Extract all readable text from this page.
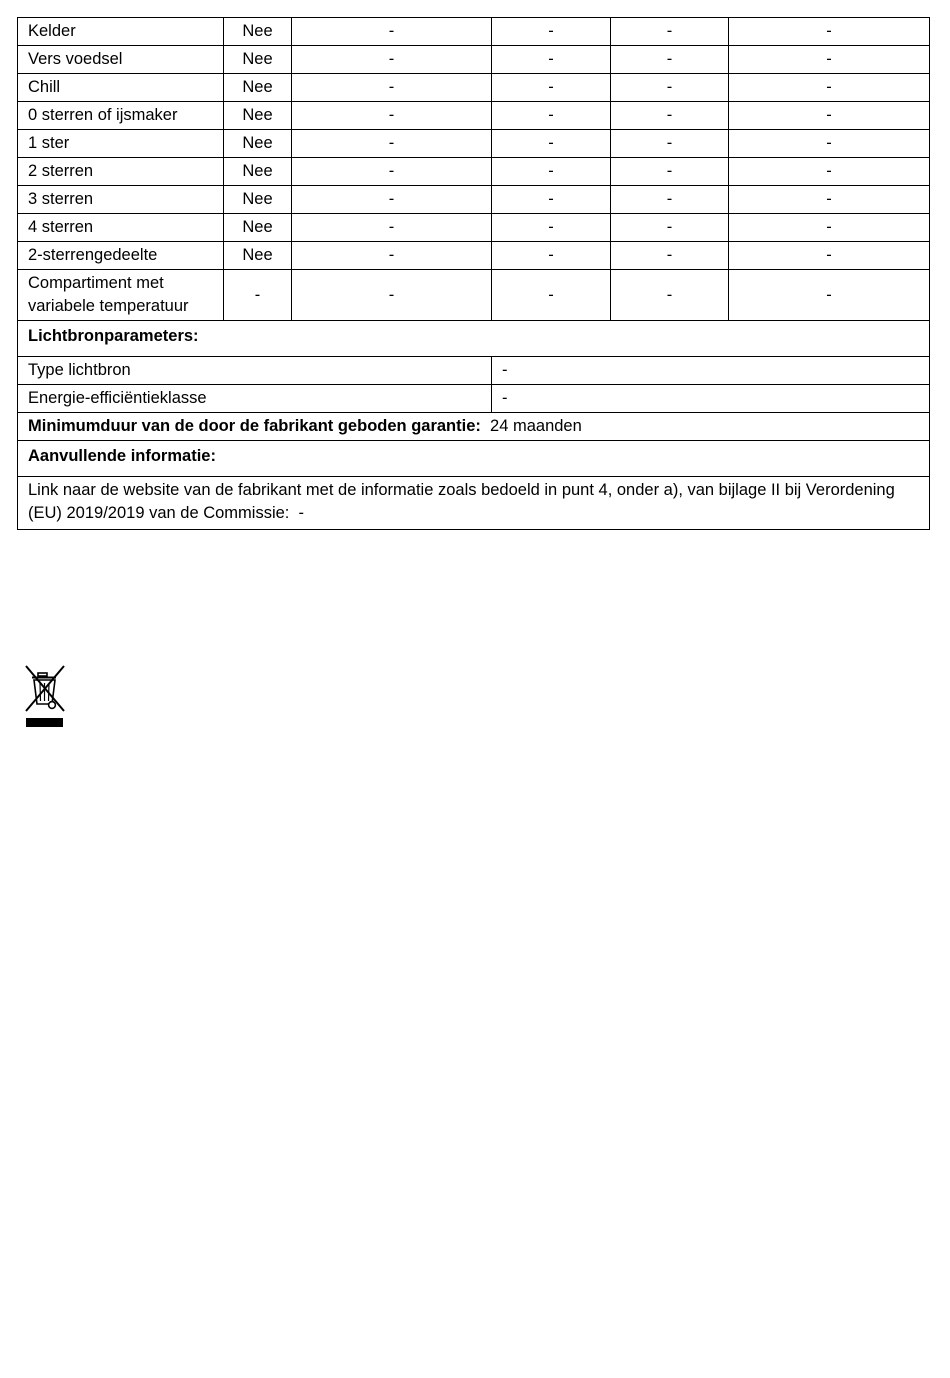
Kelder	Nee	-	-	-	-
Vers voedsel	Nee	-	-	-	-
Chill	Nee	-	-	-	-
0 sterren of ijsmaker	Nee	-	-	-	-
1 ster	Nee	-	-	-	-
2 sterren	Nee	-	-	-	-
3 sterren	Nee	-	-	-	-
4 sterren	Nee	-	-	-	-
2-sterrengedeelte	Nee	-	-	-	-

Compartiment met
variabele temperatuur	-	-	-	-	-
Lichtbronparameters:					
Type lichtbron			-		
Energie-efficiëntieklasse			-		
Minimumduur van de door de fabrikant geboden garantie: 24 maanden					
Aanvullende informatie:					
Link naar de website van de fabrikant met de informatie zoals bedoeld in punt 4, onder a), van bijlage II bij Verordening (EU) 2019/2019 van de Commissie: -					
